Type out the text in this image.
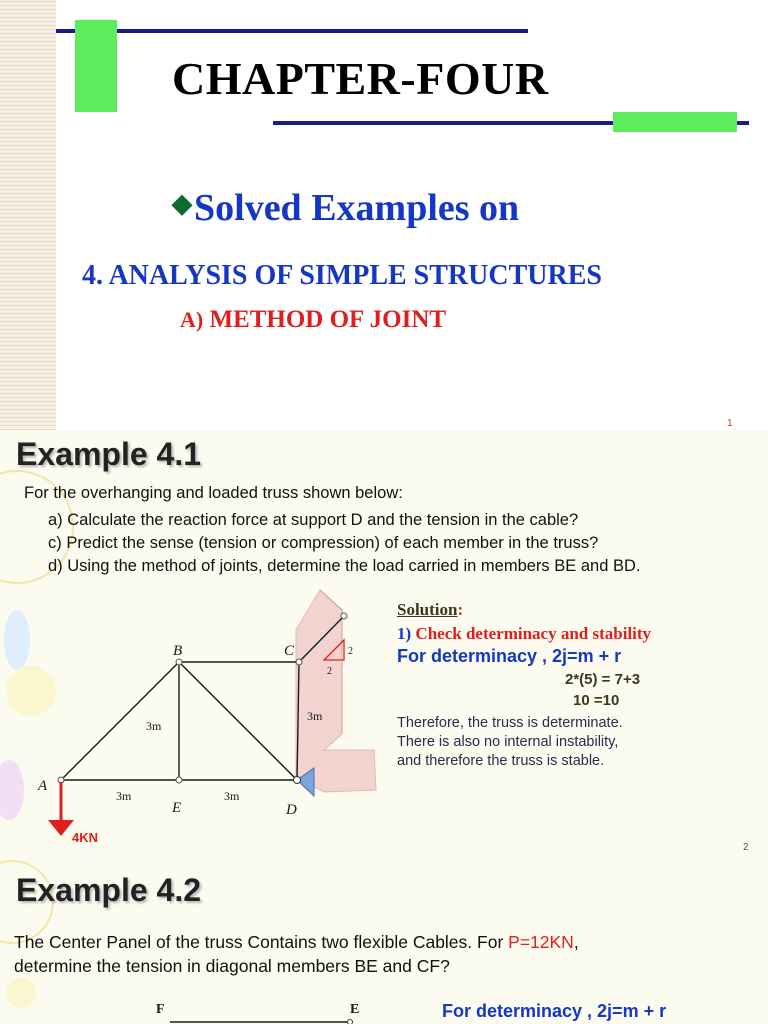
CHAPTER-FOUR
◆Solved Examples on
4. ANALYSIS OF SIMPLE STRUCTURES
A) METHOD OF JOINT
1
Example 4.1
For the overhanging and loaded truss shown below:
a) Calculate the reaction force at support D and the tension in the cable?
c) Predict the sense (tension or compression) of each member in the truss?
d) Using the method of joints, determine the load carried in members BE and BD.
A
B	C
D
E
3m	3m
3m
3m
2
2
4KN
Solution:
1) Check determinacy and stability
For determinacy , 2j=m + r
2*(5) = 7+3
10 =10
Therefore, the truss is determinate.
There is also no internal instability,
and therefore the truss is stable.
2
Example 4.2
The Center Panel of the truss Contains two flexible Cables. For P=12KN,
determine the tension in diagonal members BE and CF?
F	E	For determinacy , 2j=m + r
